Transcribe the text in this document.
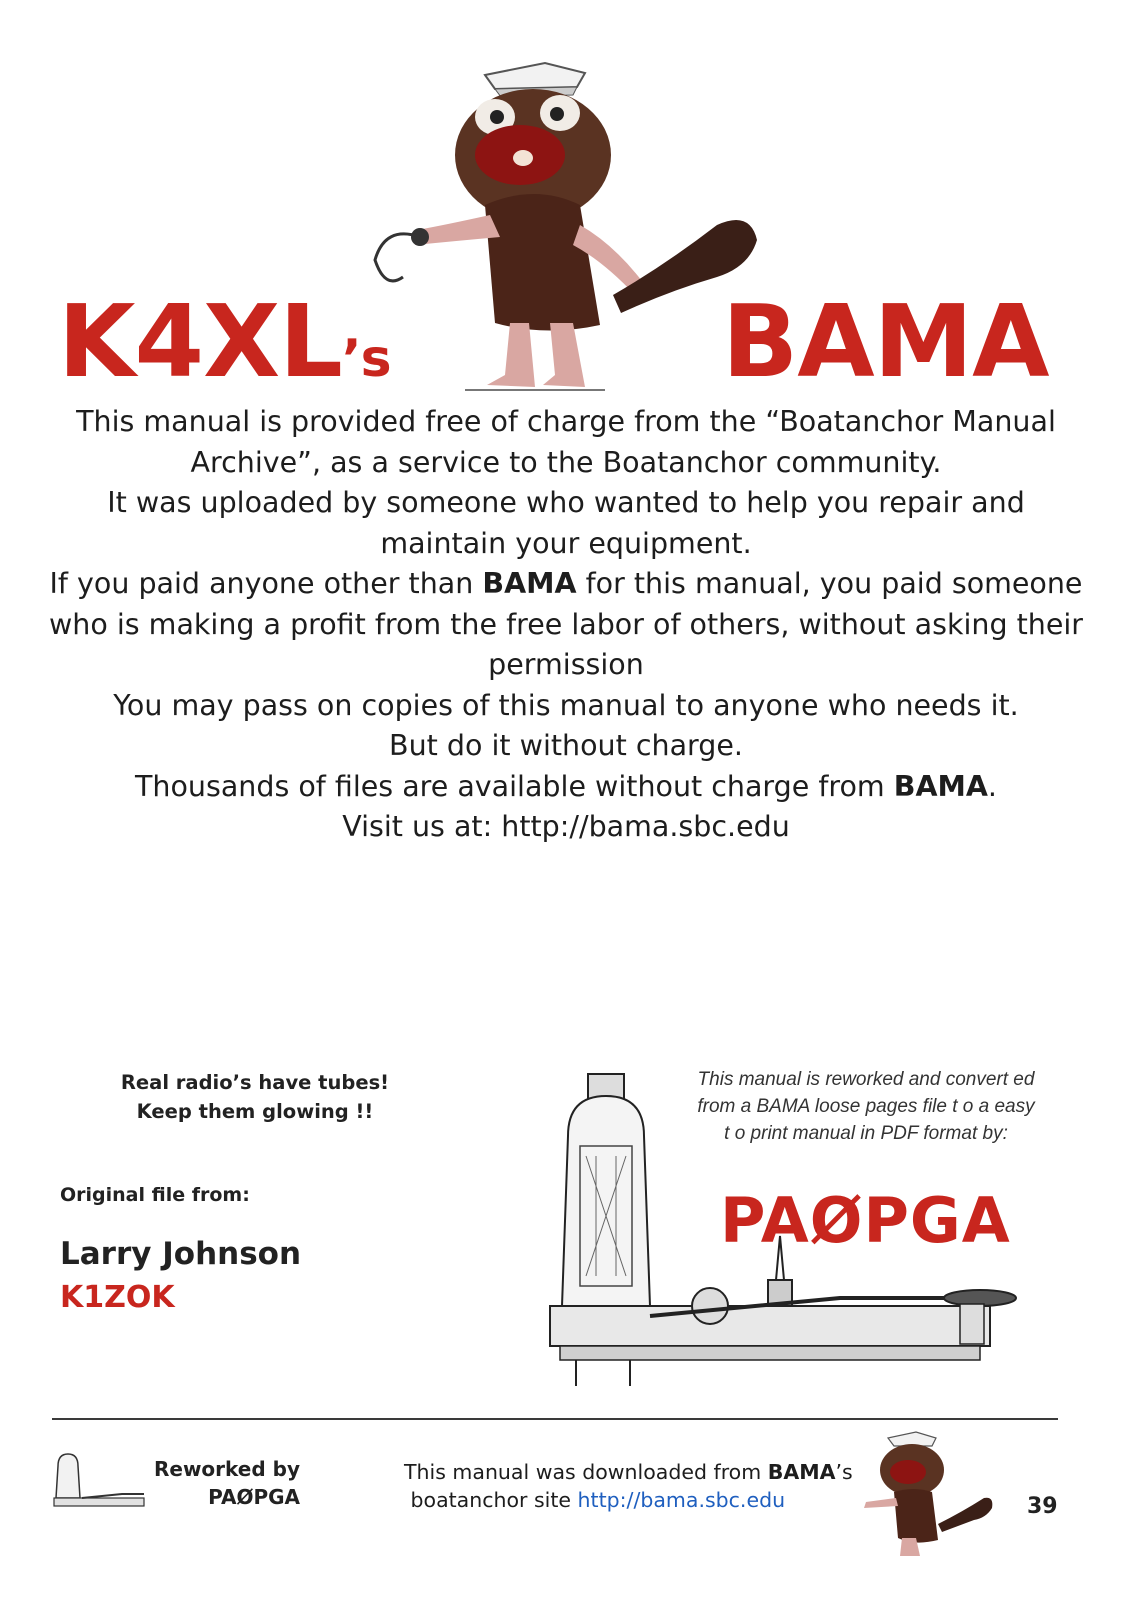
K4XL’s	BAMA

This manual is provided free of charge from the “Boatanchor Manual Archive”, as a service to the Boatanchor community.

It was uploaded by someone who wanted to help you repair and maintain your equipment.

If you paid anyone other than BAMA for this manual, you paid someone who is making a profit from the free labor of others, without asking their permission

You may pass on copies of this manual to anyone who needs it.

But do it without charge.

Thousands of files are available without charge from BAMA.

Visit us at: http://bama.sbc.edu

Real radio’s have tubes!
Keep them glowing !!
Original file from:
Larry Johnson
K1ZOK
This manual is reworked and convert ed
from a BAMA loose pages file t o a easy
t o print manual in PDF format by:
PAØPGA
Reworked by
PAØPGA
This manual was downloaded from BAMA’s
boatanchor site http://bama.sbc.edu	39
